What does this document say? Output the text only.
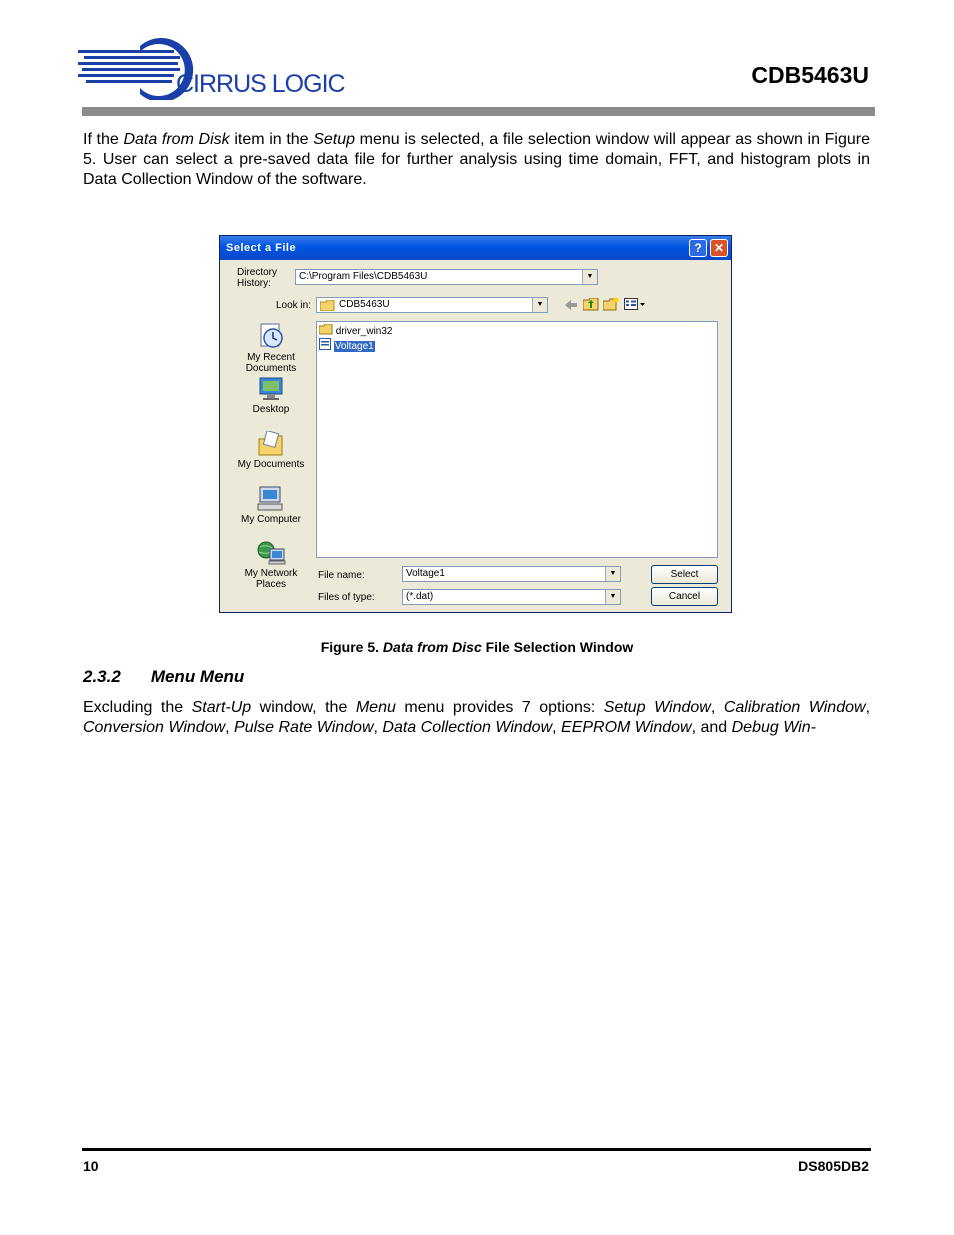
CIRRUS LOGIC	CDB5463U
If the Data from Disk item in the Setup menu is selected, a file selection window will appear as shown in Figure 5. User can select a pre-saved data file for further analysis using time domain, FFT, and histogram plots in Data Collection Window of the software.
Select a File	?	✕
Directory History:
C:\Program Files\CDB5463U	▼
Look in:	CDB5463U	▼
My Recent Documents
Desktop
My Documents
My Computer
My Network Places
driver_win32
Voltage1
File name:	Voltage1	▼
Files of type:	(*.dat)	▼
Select
Cancel
Figure 5. Data from Disc File Selection Window
2.3.2 Menu Menu
Excluding the Start-Up window, the Menu menu provides 7 options: Setup Window, Calibration Window, Conversion Window, Pulse Rate Window, Data Collection Window, EEPROM Window, and Debug Win-
10	DS805DB2
